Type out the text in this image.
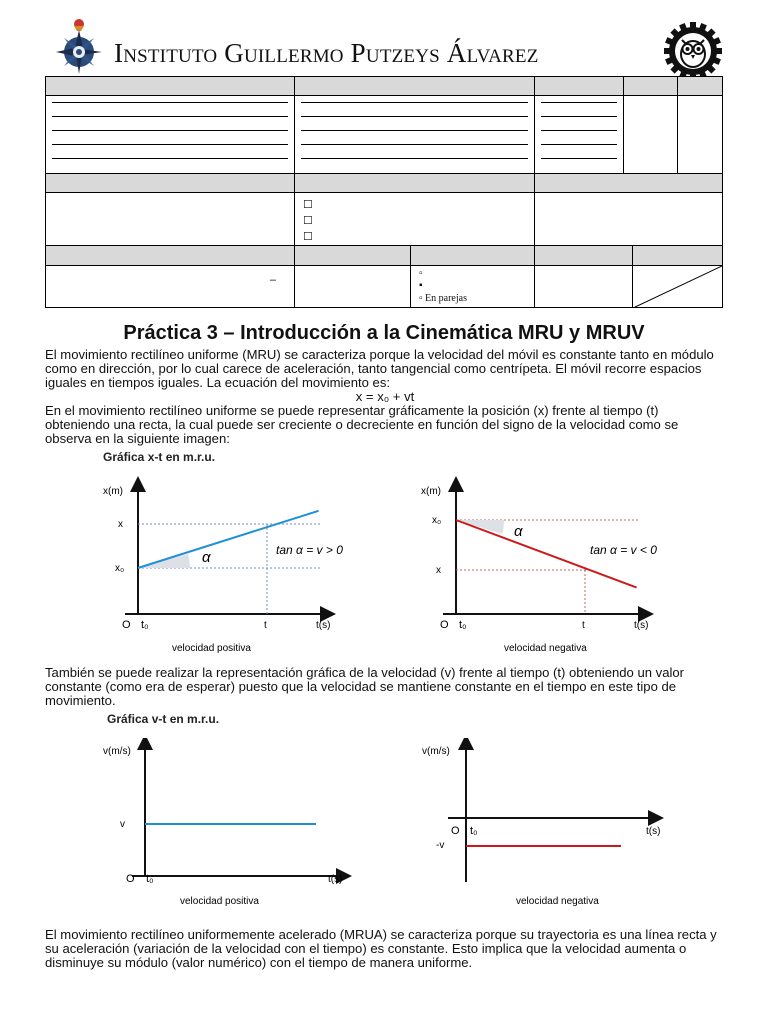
Instituto Guillermo Putzeys Álvarez

	☐
☐
☐					

–		▫
▪
▫ En parejas

Práctica 3 – Introducción a la Cinemática MRU y MRUV

El movimiento rectilíneo uniforme (MRU) se caracteriza porque la velocidad del móvil es constante tanto en módulo como en dirección, por lo cual carece de aceleración, tanto tangencial como centrípeta. El móvil recorre espacios iguales en tiempos iguales. La ecuación del movimiento es:

x = x₀ + vt

En el movimiento rectilíneo uniforme se puede representar gráficamente la posición (x) frente al tiempo (t) obteniendo una recta, la cual puede ser creciente o decreciente en función del signo de la velocidad como se observa en la siguiente imagen:

Gráfica x-t en m.r.u.
x(m)
x
x₀
O t₀	t	t(s)
α	tan α = v > 0
velocidad positiva
x(m)
x₀
x
O t₀	t	t(s)
α
tan α = v < 0
velocidad negativa

También se puede realizar la representación gráfica de la velocidad (v) frente al tiempo (t) obteniendo un valor constante (como era de esperar) puesto que la velocidad se mantiene constante en el tiempo en este tipo de movimiento.

Gráfica v-t en m.r.u.
v(m/s)
v
O t₀	t(s)
velocidad positiva
v(m/s)
-v
O t₀	t(s)
velocidad negativa

El movimiento rectilíneo uniformemente acelerado (MRUA) se caracteriza porque su trayectoria es una línea recta y su aceleración (variación de la velocidad con el tiempo) es constante. Esto implica que la velocidad aumenta o disminuye su módulo (valor numérico) con el tiempo de manera uniforme.
